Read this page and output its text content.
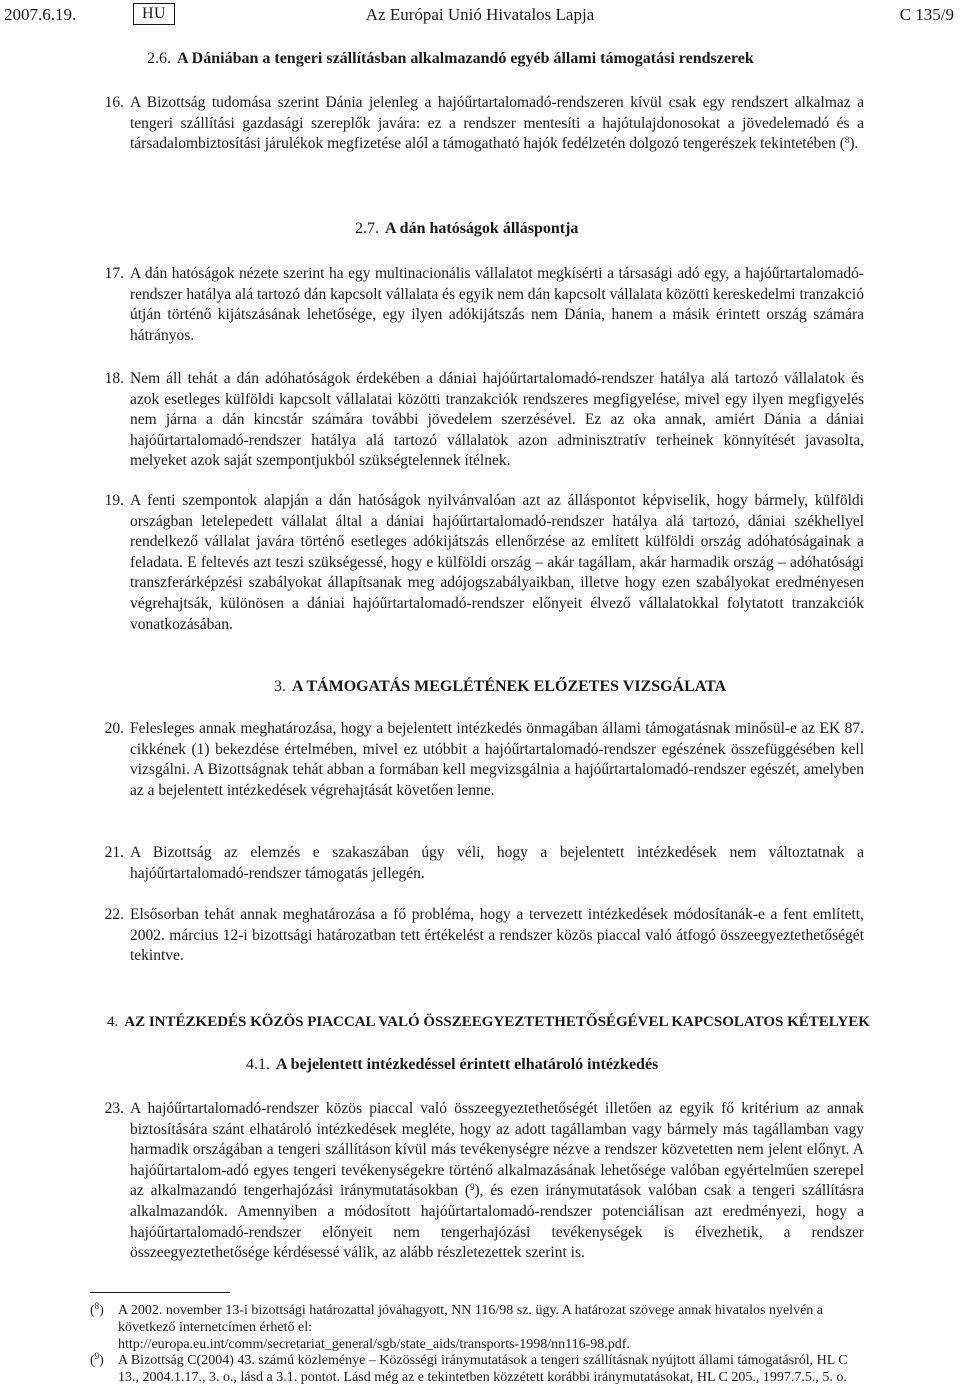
2007.6.19.	Az Európai Unió Hivatalos Lapja
HU	C 135/9
2.6. A Dániában a tengeri szállításban alkalmazandó egyéb állami támogatási rendszerek
16. A Bizottság tudomása szerint Dánia jelenleg a hajóűrtartalomadó-rendszeren kívül csak egy rendszert alkalmaz a tengeri szállítási gazdasági szereplők javára: ez a rendszer mentesíti a hajótulajdonosokat a jövedelemadó és a társadalombiztosítási járulékok megfizetése alól a támogatható hajók fedélzetén dolgozó tengerészek tekintetében ($^8$).
2.7. A dán hatóságok álláspontja
17. A dán hatóságok nézete szerint ha egy multinacionális vállalatot megkísérti a társasági adó egy, a hajóűrtartalomadó-rendszer hatálya alá tartozó dán kapcsolt vállalata és egyik nem dán kapcsolt vállalata közötti kereskedelmi tranzakció útján történő kijátszásának lehetősége, egy ilyen adókijátszás nem Dánia, hanem a másik érintett ország számára hátrányos.
18. Nem áll tehát a dán adóhatóságok érdekében a dániai hajóűrtartalomadó-rendszer hatálya alá tartozó vállalatok és azok esetleges külföldi kapcsolt vállalatai közötti tranzakciók rendszeres megfigyelése, mivel egy ilyen megfigyelés nem járna a dán kincstár számára további jövedelem szerzésével. Ez az oka annak, amiért Dánia a dániai hajóűrtartalomadó-rendszer hatálya alá tartozó vállalatok azon adminisztratív terheinek könnyítését javasolta, melyeket azok saját szempontjukból szükségtelennek ítélnek.
19. A fenti szempontok alapján a dán hatóságok nyilvánvalóan azt az álláspontot képviselik, hogy bármely, külföldi országban letelepedett vállalat által a dániai hajóűrtartalomadó-rendszer hatálya alá tartozó, dániai székhellyel rendelkező vállalat javára történő esetleges adókijátszás ellenőrzése az említett külföldi ország adóhatóságainak a feladata. E feltevés azt teszi szükségessé, hogy e külföldi ország – akár tagállam, akár harmadik ország – adóhatósági transzferárképzési szabályokat állapítsanak meg adójogszabályaikban, illetve hogy ezen szabályokat eredményesen végrehajtsák, különösen a dániai hajóűrtartalomadó-rendszer előnyeit élvező vállalatokkal folytatott tranzakciók vonatkozásában.
3. A TÁMOGATÁS MEGLÉTÉNEK ELŐZETES VIZSGÁLATA
20. Felesleges annak meghatározása, hogy a bejelentett intézkedés önmagában állami támogatásnak minősül-e az EK 87. cikkének (1) bekezdése értelmében, mivel ez utóbbit a hajóűrtartalomadó-rendszer egészének összefüggésében kell vizsgálni. A Bizottságnak tehát abban a formában kell megvizsgálnia a hajóűrtartalomadó-rendszer egészét, amelyben az a bejelentett intézkedések végrehajtását követően lenne.
21. A Bizottság az elemzés e szakaszában úgy véli, hogy a bejelentett intézkedések nem változtatnak a hajóűrtartalomadó-rendszer támogatás jellegén.
22. Elsősorban tehát annak meghatározása a fő probléma, hogy a tervezett intézkedések módosítanák-e a fent említett, 2002. március 12-i bizottsági határozatban tett értékelést a rendszer közös piaccal való átfogó összeegyeztethetőségét tekintve.
4. AZ INTÉZKEDÉS KÖZÖS PIACCAL VALÓ ÖSSZEEGYEZTETHETŐSÉGÉVEL KAPCSOLATOS KÉTELYEK
4.1. A bejelentett intézkedéssel érintett elhatároló intézkedés
23. A hajóűrtartalomadó-rendszer közös piaccal való összeegyeztethetőségét illetően az egyik fő kritérium az annak biztosítására szánt elhatároló intézkedések megléte, hogy az adott tagállamban vagy bármely más tagállamban vagy harmadik országában a tengeri szállításon kívül más tevékenységre nézve a rendszer közvetetten nem jelent előnyt. A hajóűrtartalom-adó egyes tengeri tevékenységekre történő alkalmazásának lehetősége valóban egyértelműen szerepel az alkalmazandó tengerhajózási iránymutatásokban ($^9$), és ezen iránymutatások valóban csak a tengeri szállításra alkalmazandók. Amennyiben a módosított hajóűrtartalomadó-rendszer potenciálisan azt eredményezi, hogy a hajóűrtartalomadó-rendszer előnyeit nem tengerhajózási tevékenységek is élvezhetik, a rendszer összeegyeztethetősége kérdésessé válik, az alább részletezettek szerint is.
($^8$) A 2002. november 13-i bizottsági határozattal jóváhagyott, NN 116/98 sz. ügy. A határozat szövege annak hivatalos nyelvén a következő internetcímen érhető el:
http://europa.eu.int/comm/secretariat_general/sgb/state_aids/transports-1998/nn116-98.pdf.
($^9$) A Bizottság C(2004) 43. számú közleménye – Közösségi iránymutatások a tengeri szállításnak nyújtott állami támogatásról, HL C 13., 2004.1.17., 3. o., lásd a 3.1. pontot. Lásd még az e tekintetben közzétett korábbi iránymutatásokat, HL C 205., 1997.7.5., 5. o.
